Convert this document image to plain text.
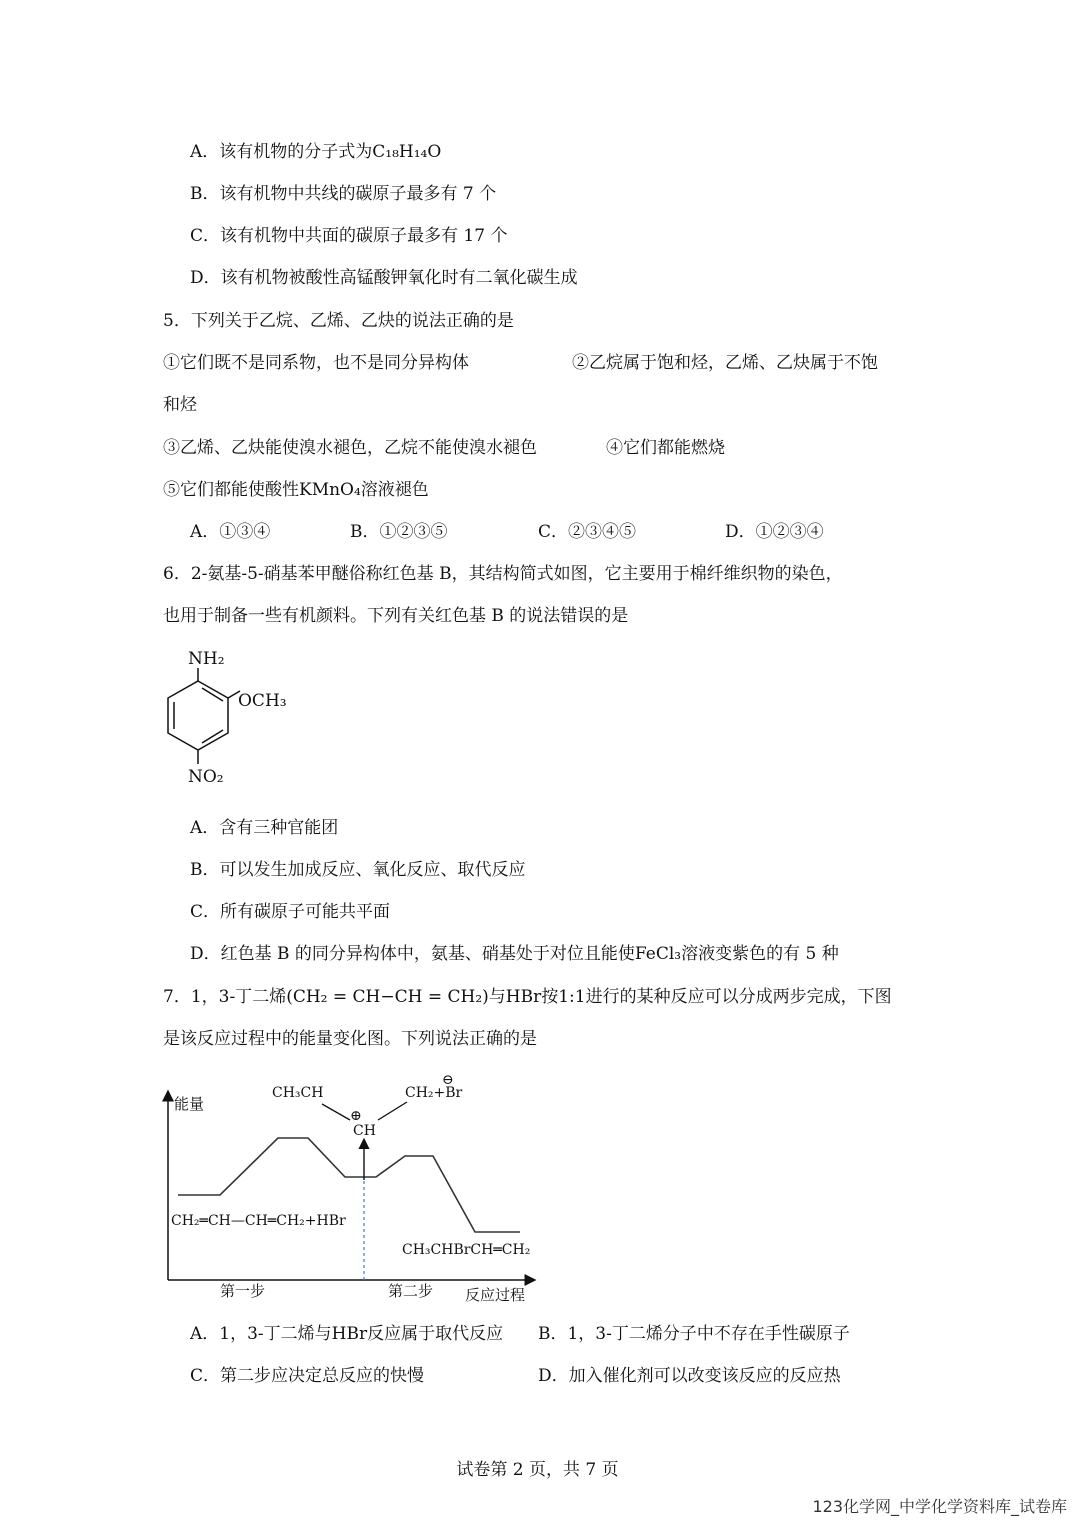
A．该有机物的分子式为C₁₈H₁₄O
B．该有机物中共线的碳原子最多有 7 个
C．该有机物中共面的碳原子最多有 17 个
D．该有机物被酸性高锰酸钾氧化时有二氧化碳生成
5．下列关于乙烷、乙烯、乙炔的说法正确的是
①它们既不是同系物，也不是同分异构体	②乙烷属于饱和烃，乙烯、乙炔属于不饱
和烃
③乙烯、乙炔能使溴水褪色，乙烷不能使溴水褪色	④它们都能燃烧
⑤它们都能使酸性KMnO₄溶液褪色
A．①③④	B．①②③⑤	C．②③④⑤	D．①②③④
6．2-氨基-5-硝基苯甲醚俗称红色基 B，其结构简式如图，它主要用于棉纤维织物的染色，
也用于制备一些有机颜料。下列有关红色基 B 的说法错误的是
NH₂
OCH₃
NO₂
A．含有三种官能团
B．可以发生加成反应、氧化反应、取代反应
C．所有碳原子可能共平面
D．红色基 B 的同分异构体中，氨基、硝基处于对位且能使FeCl₃溶液变紫色的有 5 种
7．1，3-丁二烯(CH₂ = CH−CH = CH₂)与HBr按1:1进行的某种反应可以分成两步完成，下图
是该反应过程中的能量变化图。下列说法正确的是
能量
CH₃CH
⊕
CH
⊖
CH₂+Br
CH₂═CH—CH═CH₂+HBr
CH₃CHBrCH═CH₂
第一步	第二步 反应过程
A．1，3-丁二烯与HBr反应属于取代反应 B．1，3-丁二烯分子中不存在手性碳原子
C．第二步应决定总反应的快慢	D．加入催化剂可以改变该反应的反应热
试卷第 2 页，共 7 页
123化学网_中学化学资料库_试卷库
